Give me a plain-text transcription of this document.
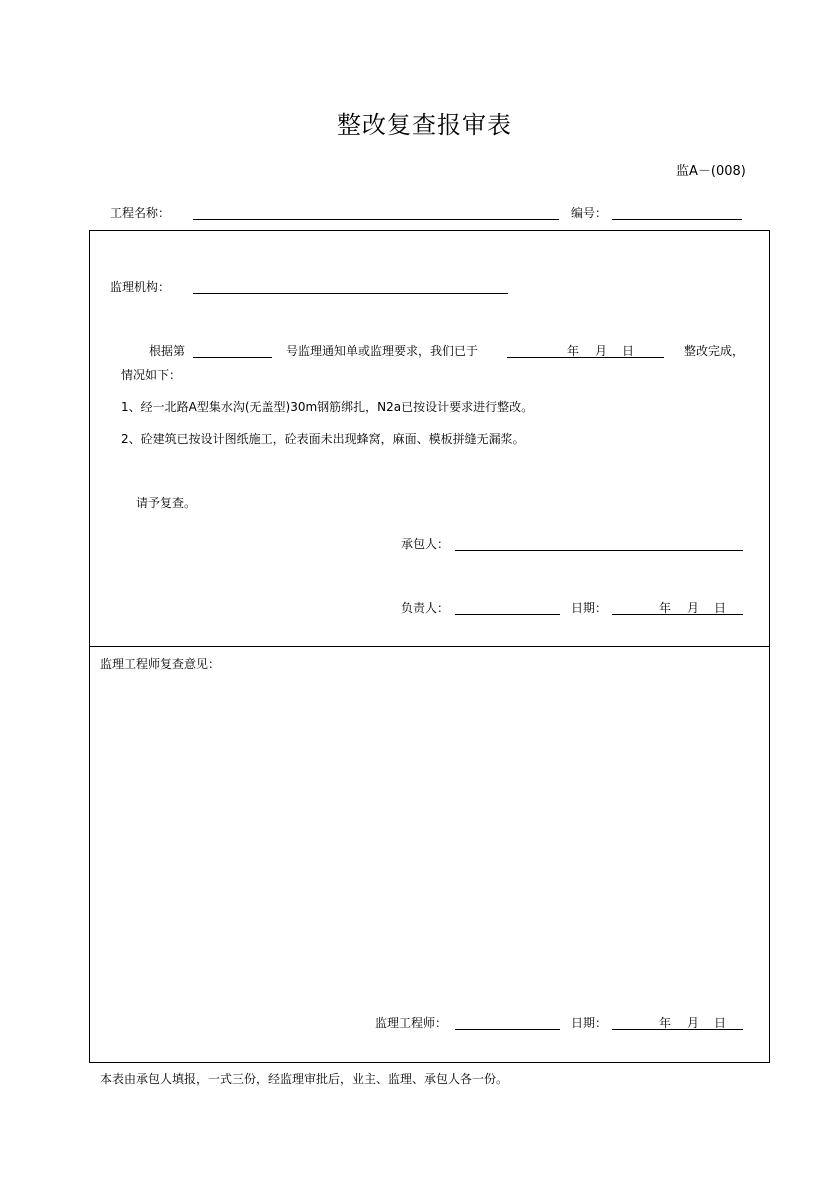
整改复查报审表
监A－(008)
工程名称：	编号：
监理机构：
根据第	号监理通知单或监理要求，我们已于	年 月 日	整改完成，
情况如下：
1、经一北路A型集水沟(无盖型)30m钢筋绑扎，N2a已按设计要求进行整改。
2、砼建筑已按设计图纸施工，砼表面未出现蜂窝，麻面、模板拼缝无漏浆。
请予复查。
承包人：
负责人：	日期：	年 月 日
监理工程师复查意见：
监理工程师：	日期：	年 月 日
本表由承包人填报，一式三份，经监理审批后，业主、监理、承包人各一份。
